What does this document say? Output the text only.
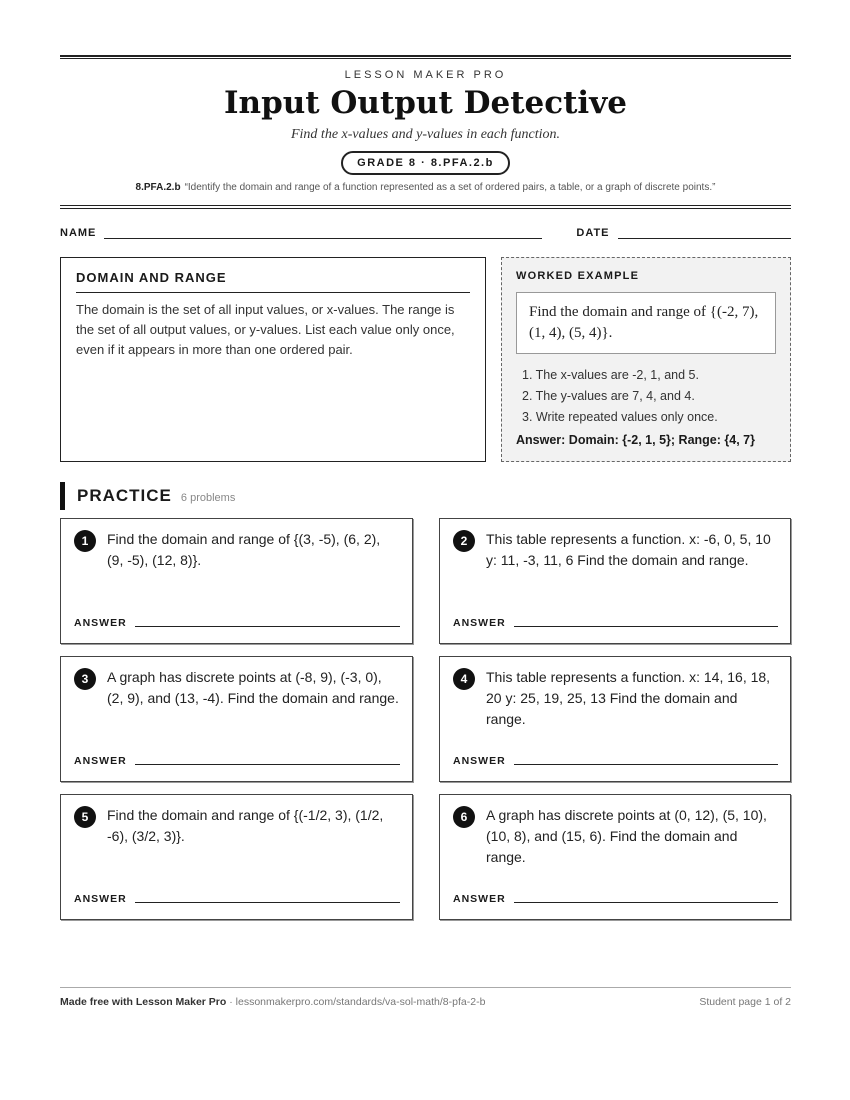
LESSON MAKER PRO
Input Output Detective
Find the x-values and y-values in each function.
GRADE 8 · 8.PFA.2.b
8.PFA.2.b “Identify the domain and range of a function represented as a set of ordered pairs, a table, or a graph of discrete points.”
NAME	DATE
DOMAIN AND RANGE

The domain is the set of all input values, or x-values. The range is the set of all output values, or y-values. List each value only once, even if it appears in more than one ordered pair.

WORKED EXAMPLE
Find the domain and range of {(-2, 7), (1, 4), (5, 4)}.
1. The x-values are -2, 1, and 5.
2. The y-values are 7, 4, and 4.
3. Write repeated values only once.
Answer: Domain: {-2, 1, 5}; Range: {4, 7}
PRACTICE 6 problems
1	Find the domain and range of {(3, -5), (6, 2), (9, -5), (12, 8)}.
ANSWER
2	This table represents a function. x: -6, 0, 5, 10 y: 11, -3, 11, 6 Find the domain and range.
ANSWER
3	A graph has discrete points at (-8, 9), (-3, 0), (2, 9), and (13, -4). Find the domain and range.
ANSWER
4	This table represents a function. x: 14, 16, 18, 20 y: 25, 19, 25, 13 Find the domain and range.
ANSWER
5	Find the domain and range of {(-1/2, 3), (1/2, -6), (3/2, 3)}.
ANSWER
6	A graph has discrete points at (0, 12), (5, 10), (10, 8), and (15, 6). Find the domain and range.
ANSWER
Made free with Lesson Maker Pro · lessonmakerpro.com/standards/va-sol-math/8-pfa-2-b	Student page 1 of 2
